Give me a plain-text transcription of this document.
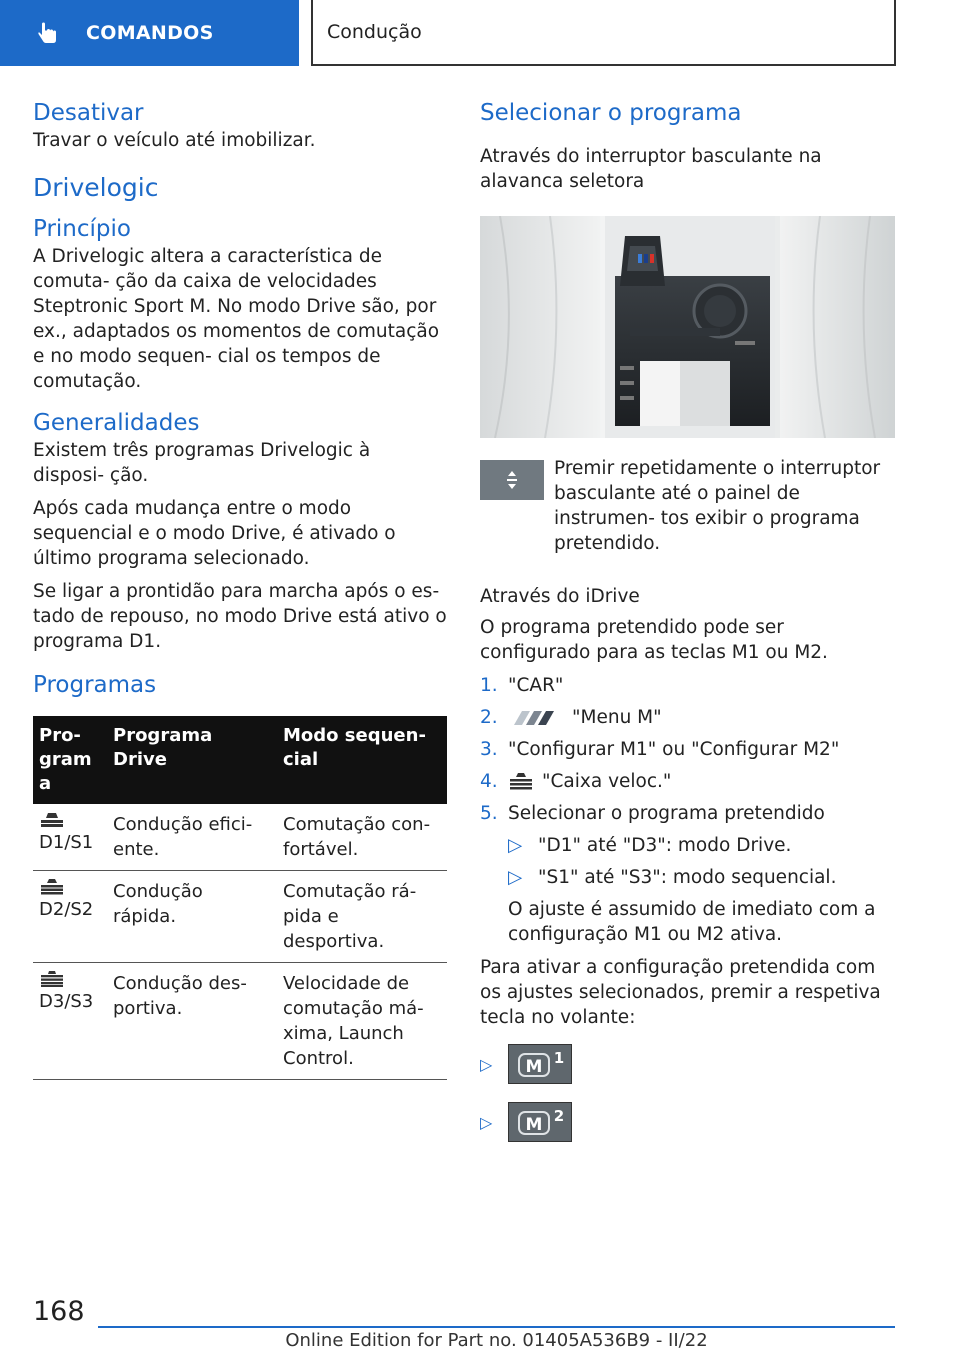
COMANDOS	Condução
Desativar

Travar o veículo até imobilizar.

Drivelogic
Princípio

A Drivelogic altera a característica de comuta- ção da caixa de velocidades Steptronic Sport M. No modo Drive são, por ex., adaptados os momentos de comutação e no modo sequen- cial os tempos de comutação.

Generalidades

Existem três programas Drivelogic à disposi- ção.

Após cada mudança entre o modo sequencial e o modo Drive, é ativado o último programa selecionado.

Se ligar a prontidão para marcha após o es- tado de repouso, no modo Drive está ativo o programa D1.

Programas
Pro- gram a	Programa Drive	Modo sequen- cial

D1/S1	Condução efici- ente.	Comutação con- fortável.

D2/S2	Condução rápida.	Comutação rá- pida e desportiva.

D3/S3	Condução des- portiva.	Velocidade de comutação má- xima, Launch Control.
Selecionar o programa
Através do interruptor basculante na alavanca seletora

Premir repetidamente o interruptor basculante até o painel de instrumen- tos exibir o programa pretendido.

Através do iDrive

O programa pretendido pode ser configurado para as teclas M1 ou M2.

1. "CAR"
2.	"Menu M"
3. "Configurar M1" ou "Configurar M2"
4.	"Caixa veloc."
5. Selecionar o programa pretendido
▷ "D1" até "D3": modo Drive.
▷ "S1" até "S3": modo sequencial.

O ajuste é assumido de imediato com a configuração M1 ou M2 ativa.

Para ativar a configuração pretendida com os ajustes selecionados, premir a respetiva tecla no volante:

▷	M 1
▷	M 2
168
Online Edition for Part no. 01405A536B9 - II/22
